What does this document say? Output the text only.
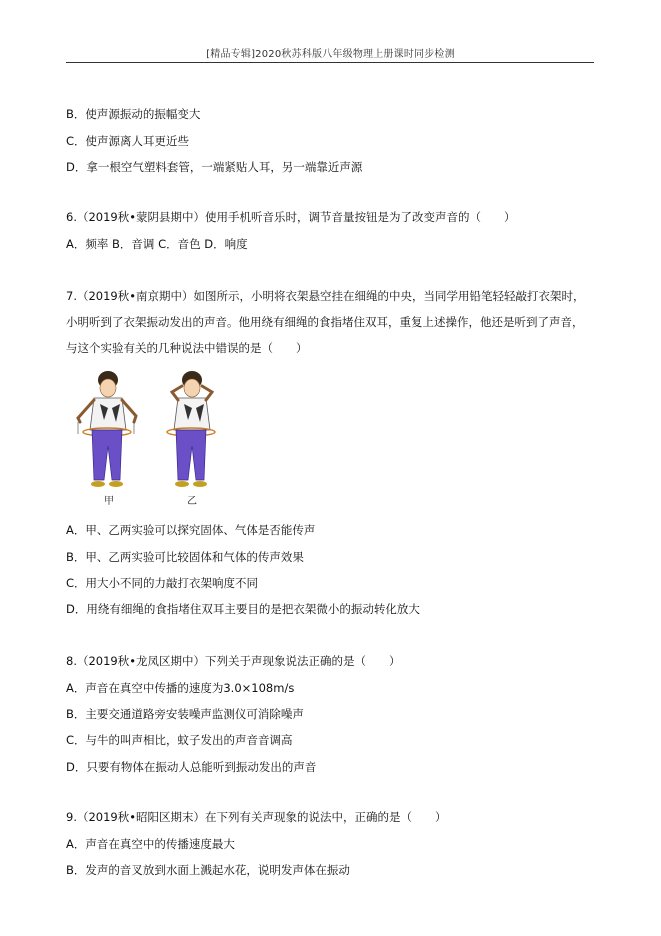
[精品专辑]2020秋苏科版八年级物理上册课时同步检测
B．使声源振动的振幅变大
C．使声源离人耳更近些
D．拿一根空气塑料套管，一端紧贴人耳，另一端靠近声源
6.（2019秋•蒙阴县期中）使用手机听音乐时，调节音量按钮是为了改变声音的（　　）
A．频率 B．音调 C．音色 D．响度
7.（2019秋•南京期中）如图所示，小明将衣架悬空挂在细绳的中央，当同学用铅笔轻轻敲打衣架时，
小明听到了衣架振动发出的声音。他用绕有细绳的食指堵住双耳，重复上述操作，他还是听到了声音，
与这个实验有关的几种说法中错误的是（　　）
甲	乙
A．甲、乙两实验可以探究固体、气体是否能传声
B．甲、乙两实验可比较固体和气体的传声效果
C．用大小不同的力敲打衣架响度不同
D．用绕有细绳的食指堵住双耳主要目的是把衣架微小的振动转化放大
8.（2019秋•龙凤区期中）下列关于声现象说法正确的是（　　）
A．声音在真空中传播的速度为3.0×108m/s
B．主要交通道路旁安装噪声监测仪可消除噪声
C．与牛的叫声相比，蚊子发出的声音音调高
D．只要有物体在振动人总能听到振动发出的声音
9.（2019秋•昭阳区期末）在下列有关声现象的说法中，正确的是（　　）
A．声音在真空中的传播速度最大
B．发声的音叉放到水面上溅起水花，说明发声体在振动
